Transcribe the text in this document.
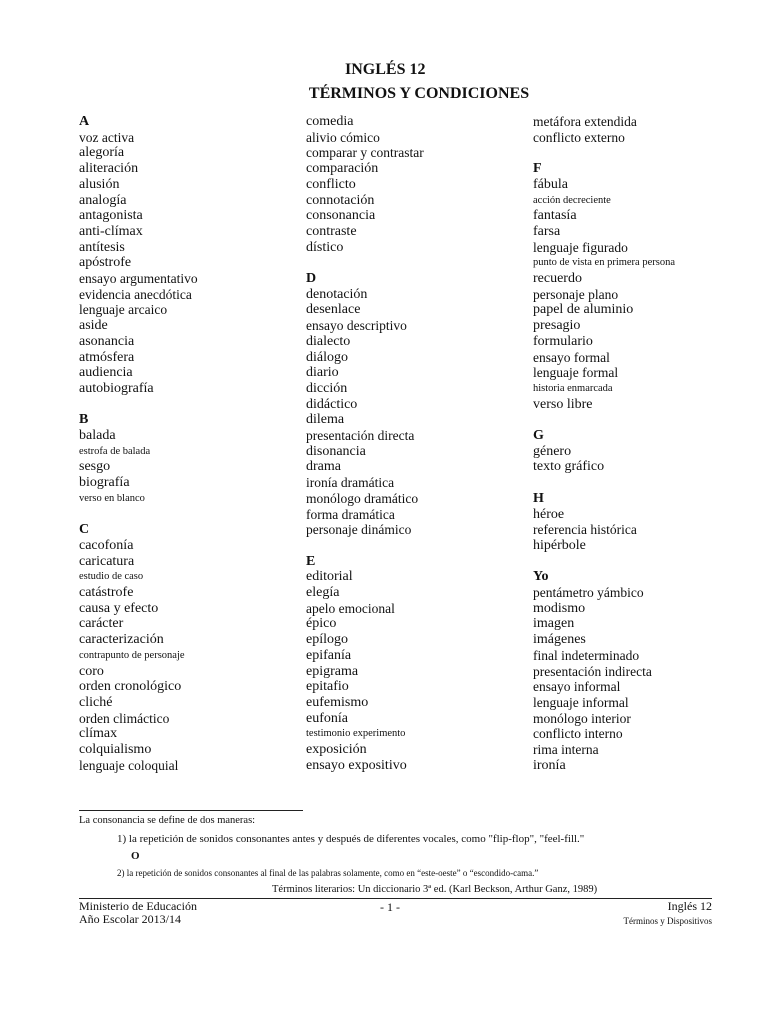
INGLÉS 12
TÉRMINOS Y CONDICIONES
A
voz activa
alegoría
aliteración
alusión
analogía
antagonista
anti-clímax
antítesis
apóstrofe
ensayo argumentativo
evidencia anecdótica
lenguaje arcaico
aside
asonancia
atmósfera
audiencia
autobiografía
B
balada
estrofa de balada
sesgo
biografía
verso en blanco
C
cacofonía
caricatura
estudio de caso
catástrofe
causa y efecto
carácter
caracterización
contrapunto de personaje
coro
orden cronológico
cliché
orden climáctico
clímax
colquialismo
lenguaje coloquial
comedia
alivio cómico
comparar y contrastar
comparación
conflicto
connotación
consonancia
contraste
dístico
D
denotación
desenlace
ensayo descriptivo
dialecto
diálogo
diario
dicción
didáctico
dilema
presentación directa
disonancia
drama
ironía dramática
monólogo dramático
forma dramática
personaje dinámico
E
editorial
elegía
apelo emocional
épico
epílogo
epifanía
epigrama
epitafio
eufemismo
eufonía
testimonio experimento
exposición
ensayo expositivo
metáfora extendida
conflicto externo
F
fábula
acción decreciente
fantasía
farsa
lenguaje figurado
punto de vista en primera persona
recuerdo
personaje plano
papel de aluminio
presagio
formulario
ensayo formal
lenguaje formal
historia enmarcada
verso libre
G
género
texto gráfico
H
héroe
referencia histórica
hipérbole
Yo
pentámetro yámbico
modismo
imagen
imágenes
final indeterminado
presentación indirecta
ensayo informal
lenguaje informal
monólogo interior
conflicto interno
rima interna
ironía
La consonancia se define de dos maneras:
1) la repetición de sonidos consonantes antes y después de diferentes vocales, como "flip-flop", "feel-fill."
O
2) la repetición de sonidos consonantes al final de las palabras solamente, como en “este-oeste” o “escondido-cama.”
Términos literarios: Un diccionario 3ª ed. (Karl Beckson, Arthur Ganz, 1989)
Ministerio de Educación
Año Escolar 2013/14
- 1 -	Inglés 12
Términos y Dispositivos
